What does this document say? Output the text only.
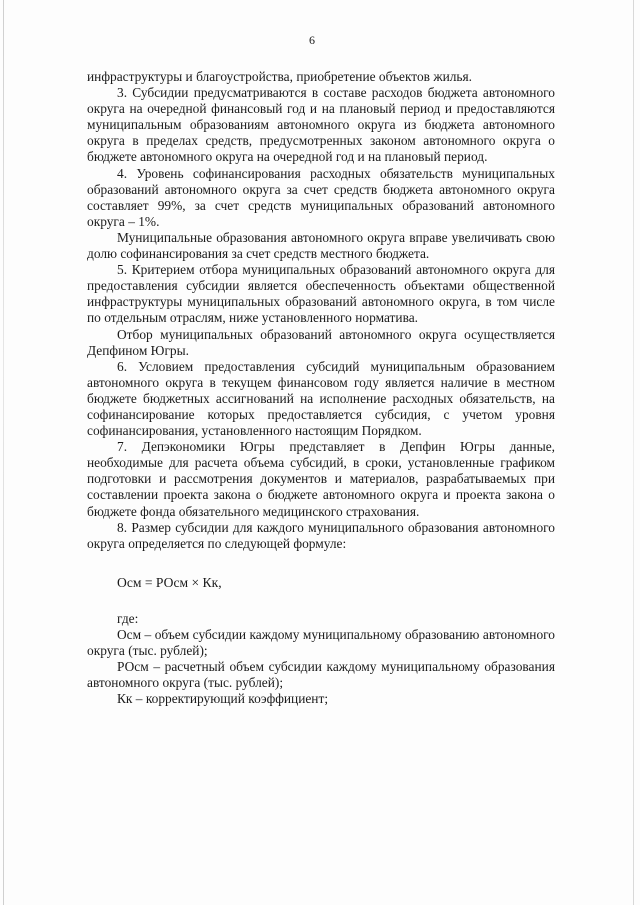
6

инфраструктуры и благоустройства, приобретение объектов жилья.

3. Субсидии предусматриваются в составе расходов бюджета автономного округа на очередной финансовый год и на плановый период и предоставляются муниципальным образованиям автономного округа из бюджета автономного округа в пределах средств, предусмотренных законом автономного округа о бюджете автономного округа на очередной год и на плановый период.

4. Уровень софинансирования расходных обязательств муниципальных образований автономного округа за счет средств бюджета автономного округа составляет 99%, за счет средств муниципальных образований автономного округа – 1%.

Муниципальные образования автономного округа вправе увеличивать свою долю софинансирования за счет средств местного бюджета.

5. Критерием отбора муниципальных образований автономного округа для предоставления субсидии является обеспеченность объектами общественной инфраструктуры муниципальных образований автономного округа, в том числе по отдельным отраслям, ниже установленного норматива.

Отбор муниципальных образований автономного округа осуществляется Депфином Югры.

6. Условием предоставления субсидий муниципальным образованием автономного округа в текущем финансовом году является наличие в местном бюджете бюджетных ассигнований на исполнение расходных обязательств, на софинансирование которых предоставляется субсидия, с учетом уровня софинансирования, установленного настоящим Порядком.

7. Депэкономики Югры представляет в Депфин Югры данные, необходимые для расчета объема субсидий, в сроки, установленные графиком подготовки и рассмотрения документов и материалов, разрабатываемых при составлении проекта закона о бюджете автономного округа и проекта закона о бюджете фонда обязательного медицинского страхования.

8. Размер субсидии для каждого муниципального образования автономного округа определяется по следующей формуле:

Осм = РОсм × Кк,

где:

Осм – объем субсидии каждому муниципальному образованию автономного округа (тыс. рублей);

РОсм – расчетный объем субсидии каждому муниципальному образования автономного округа (тыс. рублей);

Кк – корректирующий коэффициент;
